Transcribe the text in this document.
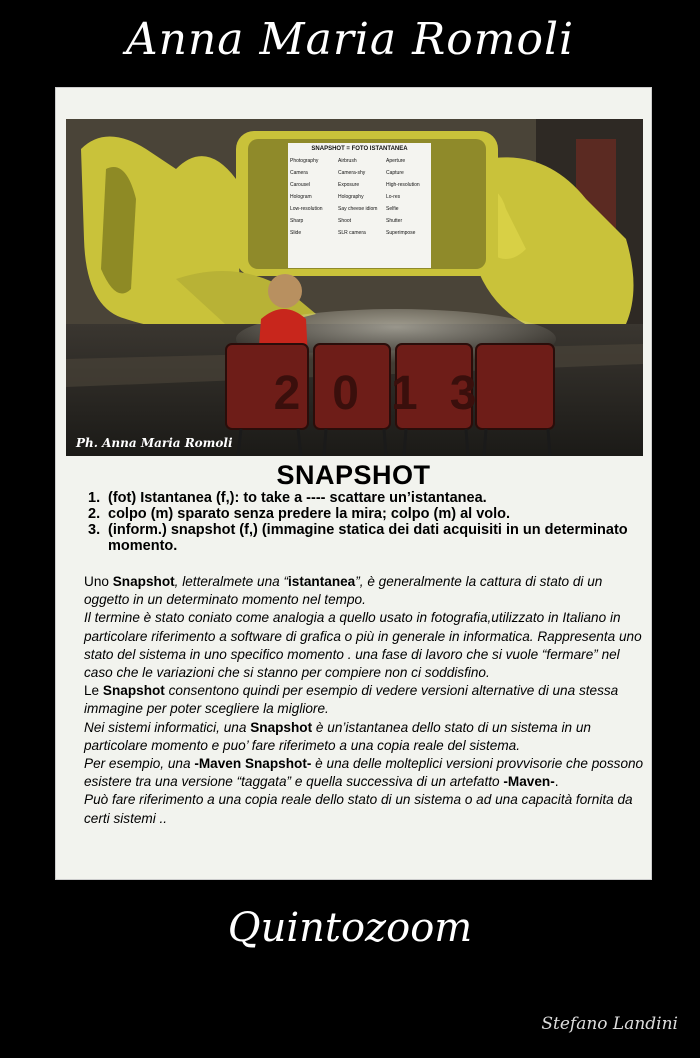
Anna Maria Romoli
2013
SNAPSHOT = FOTO ISTANTANEA
Photography	Airbrush	Aperture
Camera	Camera-shy	Capture
Carousel	Exposure	High-resolution
Hologram	Holography	Lo-res
Low-resolution	Say cheese idiom	Selfie
Sharp	Shoot	Shutter
Slide	SLR camera	Superimpose
Ph. Anna Maria Romoli
SNAPSHOT
1. (fot) Istantanea (f,): to take a ---- scattare un’istantanea.
2. colpo (m) sparato senza predere la mira; colpo (m) al volo.
3. (inform.) snapshot (f,) (immagine statica dei dati acquisiti in un determinato momento.

Uno Snapshot, letteralmete una “istantanea”, è generalmente la cattura di stato di un oggetto in un determinato momento nel tempo.

Il termine è stato coniato come analogia a quello usato in fotografia,utilizzato in Italiano in particolare riferimento a software di grafica o più in generale in informatica. Rappresenta uno stato del sistema in uno specifico momento . una fase di lavoro che si vuole “fermare” nel caso che le variazioni che si stanno per compiere non ci soddisfino.

Le Snapshot consentono quindi per esempio di vedere versioni alternative di una stessa immagine per poter scegliere la migliore.

Nei sistemi informatici, una Snapshot è un’istantanea dello stato di un sistema in un particolare momento e puo’ fare riferimeto a una copia reale del sistema.

Per esempio, una -Maven Snapshot- è una delle molteplici versioni provvisorie che possono esistere tra una versione “taggata” e quella successiva di un artefatto -Maven-.

Può fare riferimento a una copia reale dello stato di un sistema o ad una capacità fornita da certi sistemi ..

Quintozoom
Stefano Landini
